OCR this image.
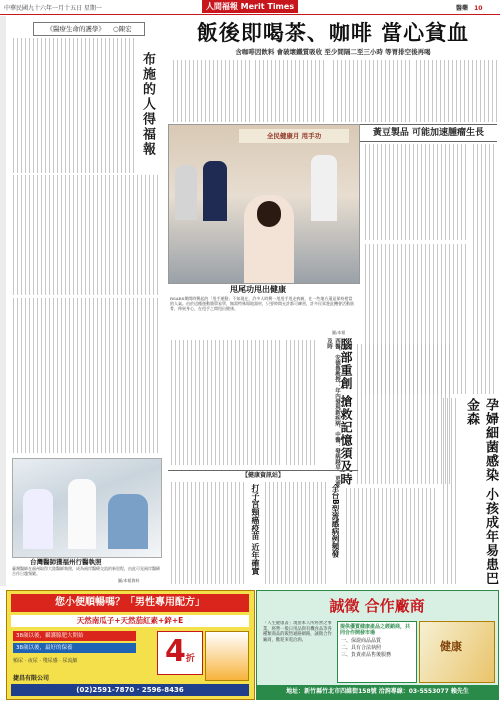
中華民國九十六年一月十五日 星期一	人間福報 Merit Times	醫藥 10
《醫療生命的護學》 ○陳宏
布施的人得福報
台灣醫師獲福州行醫執照
臺灣醫師在福州取得大陸醫師執照，成為兩岸醫療交流的新里程，由此可見兩岸醫療合作日趨頻繁。
圖/本報資料
飯後即喝茶、咖啡 當心貧血
含咖啡因飲料 會破壞鐵質吸收 至少間隔二至三小時 等胃排空後再喝
全民健康月 甩手功
甩尾功甩出健康
RSARS期間時興起的「甩手運動」不知現在，許多人時興一甩甩手甩走病痛，在一些地方還是保持相當的人氣。由於這種運動簡單易學，無需特殊場地器材，只要時間允許都可練習，許多民眾趁此機會活動筋骨，伸展身心，在甩手之間甩出健康。
圖/本報
黃豆製品 可能加速腫瘤生長
腦部重創 搶救記憶須及時
西醫、安德魯教授：年內發現新疾病、中醫：發病越早、更要及時
孕婦細菌感染 小孩成年易患巴金森
【健康資訊站】
打子宮頸癌疫苗 近年確實	全台B型流感病例頻發
您小便順暢嗎？「男性專用配方」
天然南瓜子+天然茄紅素+鋅+E
38歲以後，攝護腺肥大開始
38歲以後，最好的保養
頻尿 · 夜尿 · 殘尿感 · 尿流細	4折
捷昌有限公司
(02)2591-7870 · 2596-8436
誠徵 合作廠商
「人生健康書」現由本人所經營之事業，經營一般日用品與有機食品等各種類商品的販售通路網路，誠徵合作廠商，歡迎來電洽詢。
提供優質健康產品之經銷商，共同合作開發市場
一、保證商品品質
二、具有合法執照
三、負責產品售後服務
健康
地址：新竹縣竹北市四維街158號 洽詢專線：03-5553077 賴先生
